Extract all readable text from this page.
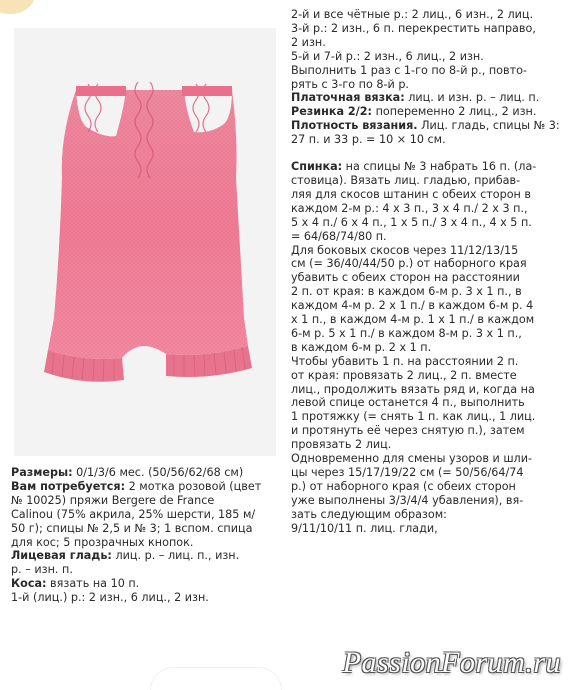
2-й и все чётные р.: 2 лиц., 6 изн., 2 лиц.
3-й р.: 2 изн., 6 п. перекрестить направо,
2 изн.
5-й и 7-й р.: 2 изн., 6 лиц., 2 изн.
Выполнить 1 раз с 1-го по 8-й р., повто-
рять с 3-го по 8-й р.

Платочная вязка: лиц. и изн. р. – лиц. п.

Резинка 2/2: попеременно 2 лиц., 2 изн.

Плотность вязания. Лиц. гладь, спицы № 3:
27 п. и 33 р. = 10 × 10 см.

Спинка: на спицы № 3 набрать 16 п. (ла-
стовица). Вязать лиц. гладью, прибав-
ляя для скосов штанин с обеих сторон в
каждом 2-м р.: 4 х 3 п., 3 х 4 п./ 2 х 3 п.,
5 х 4 п./ 6 х 4 п., 1 х 5 п./ 3 х 4 п., 4 х 5 п.
= 64/68/74/80 п.
Для боковых скосов через 11/12/13/15
см (= 36/40/44/50 р.) от наборного края
убавить с обеих сторон на расстоянии
2 п. от края: в каждом 6-м р. 3 х 1 п., в
каждом 4-м р. 2 х 1 п./ в каждом 6-м р. 4
х 1 п., в каждом 4-м р. 1 х 1 п./ в каждом
6-м р. 5 х 1 п./ в каждом 8-м р. 3 х 1 п.,
в каждом 6-м р. 2 х 1 п.
Чтобы убавить 1 п. на расстоянии 2 п.
от края: провязать 2 лиц., 2 п. вместе
лиц., продолжить вязать ряд и, когда на
левой спице останется 4 п., выполнить
1 протяжку (= снять 1 п. как лиц., 1 лиц.
и протянуть её через снятую п.), затем
провязать 2 лиц.
Одновременно для смены узоров и шли-
цы через 15/17/19/22 см (= 50/56/64/74
р.) от наборного края (с обеих сторон
уже выполнены 3/3/4/4 убавления), вя-
зать следующим образом:
9/11/10/11 п. лиц. глади,

Размеры: 0/1/3/6 мес. (50/56/62/68 см)

Вам потребуется: 2 мотка розовой (цвет
№ 10025) пряжи Bergere de France
Calinou (75% акрила, 25% шерсти, 185 м/
50 г); спицы № 2,5 и № 3; 1 вспом. спица
для кос; 5 прозрачных кнопок.

Лицевая гладь: лиц. р. – лиц. п., изн.
р. – изн. п.

Коса: вязать на 10 п.

1-й (лиц.) р.: 2 изн., 6 лиц., 2 изн.

PassionForum.ru
